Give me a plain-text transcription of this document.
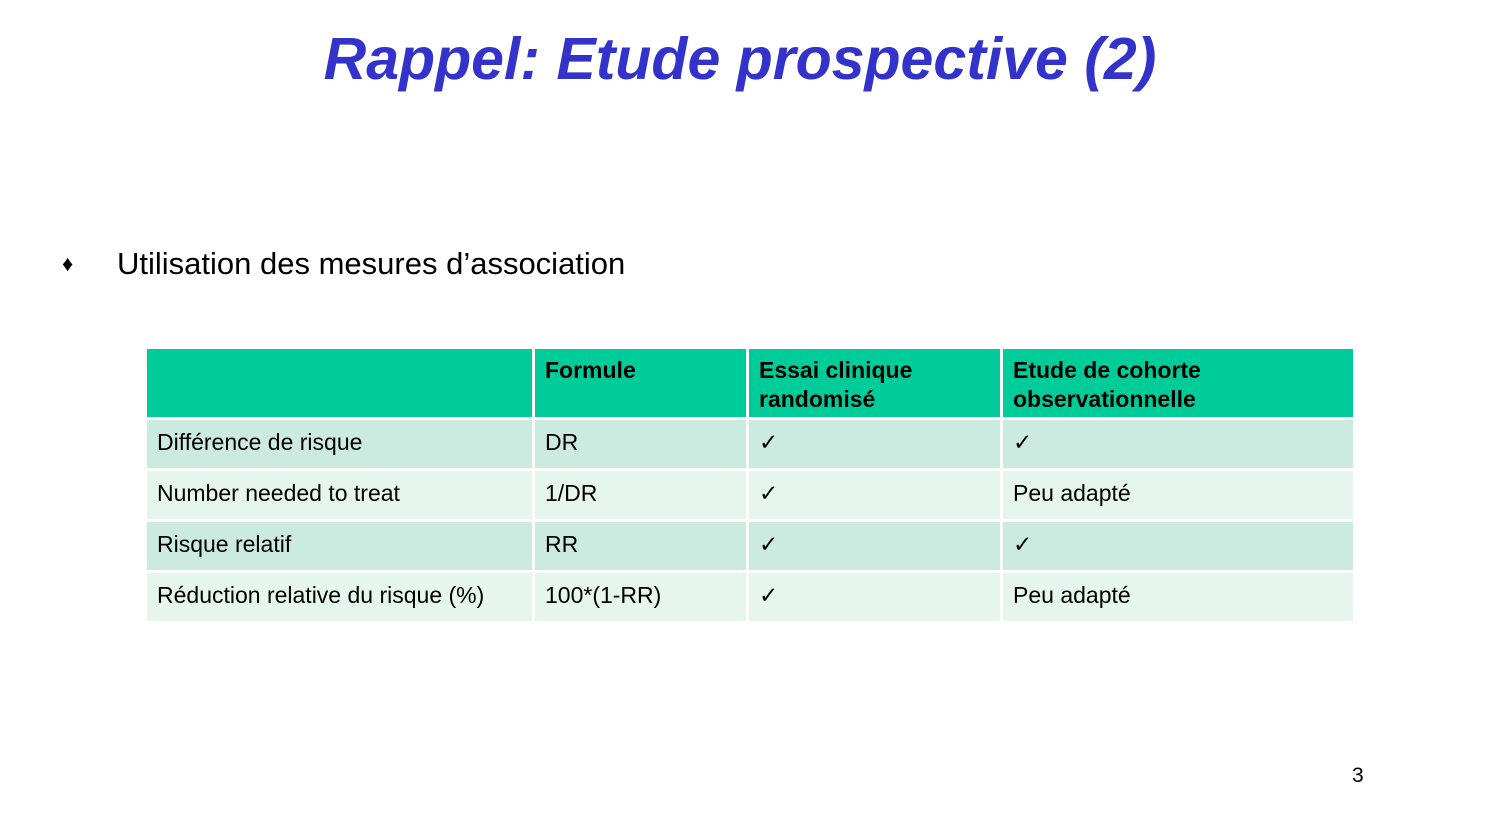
Rappel: Etude prospective (2)
♦	Utilisation des mesures d’association
	Formule	Essai clinique randomisé	Etude de cohorte observationnelle
Différence de risque	DR	✓	✓
Number needed to treat	1/DR	✓	Peu adapté
Risque relatif	RR	✓	✓
Réduction relative du risque (%)	100*(1-RR)	✓	Peu adapté
3
